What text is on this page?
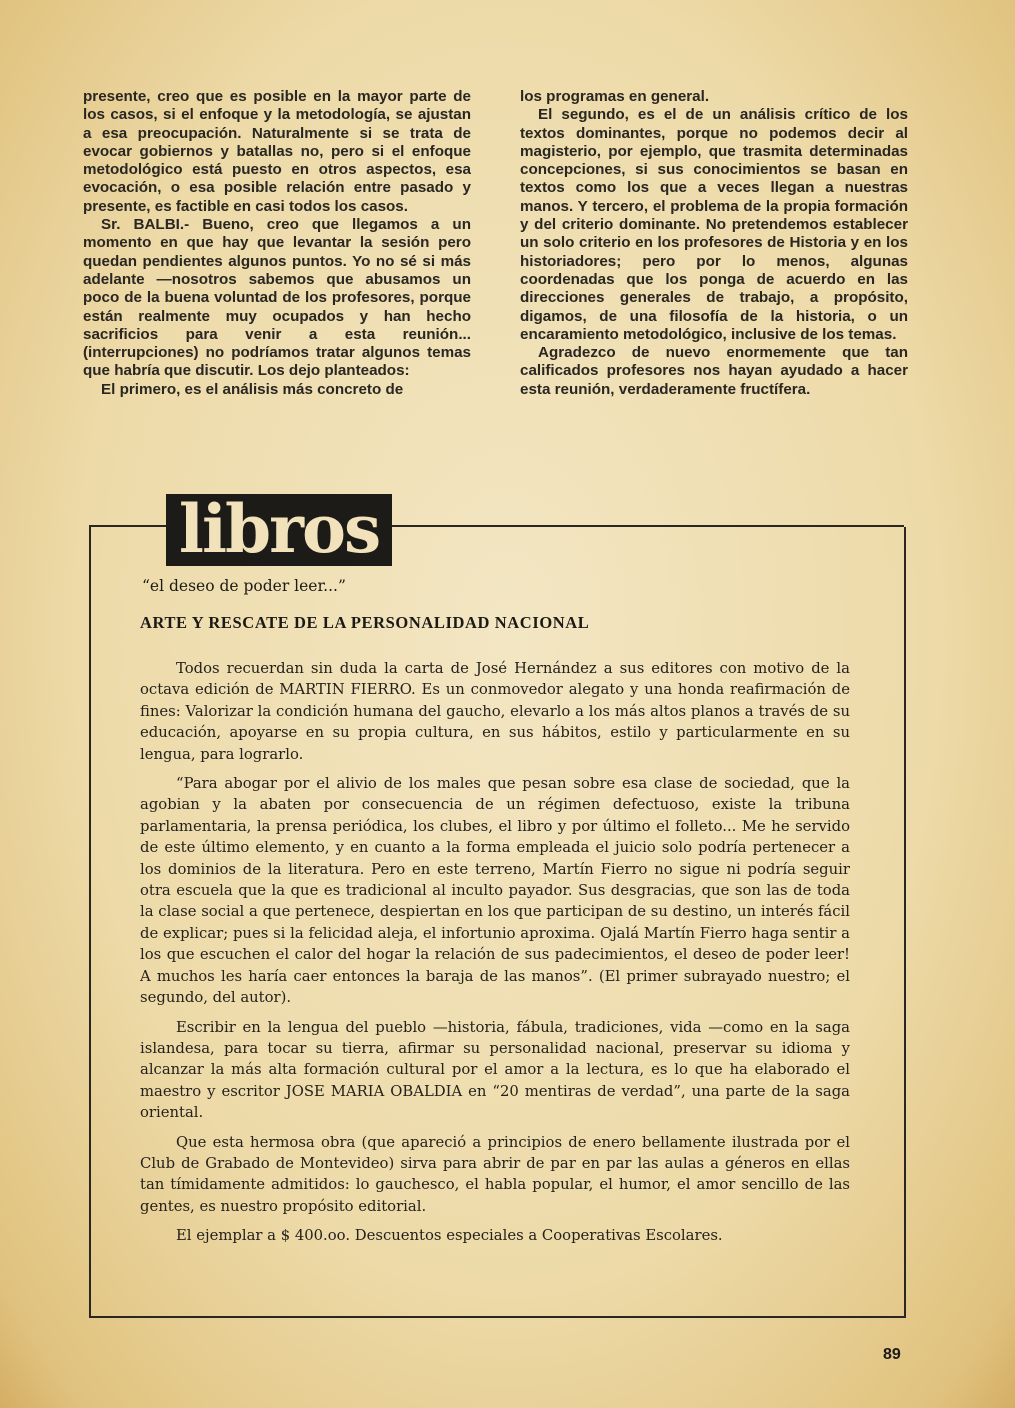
presente, creo que es posible en la mayor parte de los casos, si el enfoque y la metodología, se ajustan a esa preocupación. Naturalmente si se trata de evocar gobiernos y batallas no, pero si el enfoque metodológico está puesto en otros aspectos, esa evocación, o esa posible relación entre pasado y presente, es factible en casi todos los casos.

Sr. BALBI.- Bueno, creo que llegamos a un momento en que hay que levantar la sesión pero quedan pendientes algunos puntos. Yo no sé si más adelante —nosotros sabemos que abusamos un poco de la buena voluntad de los profesores, porque están realmente muy ocupados y han hecho sacrificios para venir a esta reunión... (interrupciones) no podríamos tratar algunos temas que habría que discutir. Los dejo planteados:

El primero, es el análisis más concreto de

los programas en general.

El segundo, es el de un análisis crítico de los textos dominantes, porque no podemos decir al magisterio, por ejemplo, que trasmita determinadas concepciones, si sus conocimientos se basan en textos como los que a veces llegan a nuestras manos. Y tercero, el problema de la propia formación y del criterio dominante. No pretendemos establecer un solo criterio en los profesores de Historia y en los historiadores; pero por lo menos, algunas coordenadas que los ponga de acuerdo en las direcciones generales de trabajo, a propósito, digamos, de una filosofía de la historia, o un encaramiento metodológico, inclusive de los temas.

Agradezco de nuevo enormemente que tan calificados profesores nos hayan ayudado a hacer esta reunión, verdaderamente fructífera.

libros
“el deseo de poder leer...”
ARTE Y RESCATE DE LA PERSONALIDAD NACIONAL

Todos recuerdan sin duda la carta de José Hernández a sus editores con motivo de la octava edición de MARTIN FIERRO. Es un conmovedor alegato y una honda reafirmación de fines: Valorizar la condición humana del gaucho, elevarlo a los más altos planos a través de su educación, apoyarse en su propia cultura, en sus hábitos, estilo y particularmente en su lengua, para lograrlo.

“Para abogar por el alivio de los males que pesan sobre esa clase de sociedad, que la agobian y la abaten por consecuencia de un régimen defectuoso, existe la tribuna parlamentaria, la prensa periódica, los clubes, el libro y por último el folleto... Me he servido de este último elemento, y en cuanto a la forma empleada el juicio solo podría pertenecer a los dominios de la literatura. Pero en este terreno, Martín Fierro no sigue ni podría seguir otra escuela que la que es tradicional al inculto payador. Sus desgracias, que son las de toda la clase social a que pertenece, despiertan en los que participan de su destino, un interés fácil de explicar; pues si la felicidad aleja, el infortunio aproxima. Ojalá Martín Fierro haga sentir a los que escuchen el calor del hogar la relación de sus padecimientos, el deseo de poder leer! A muchos les haría caer entonces la baraja de las manos”. (El primer subrayado nuestro; el segundo, del autor).

Escribir en la lengua del pueblo —historia, fábula, tradiciones, vida —como en la saga islandesa, para tocar su tierra, afirmar su personalidad nacional, preservar su idioma y alcanzar la más alta formación cultural por el amor a la lectura, es lo que ha elaborado el maestro y escritor JOSE MARIA OBALDIA en “20 mentiras de verdad”, una parte de la saga oriental.

Que esta hermosa obra (que apareció a principios de enero bellamente ilustrada por el Club de Grabado de Montevideo) sirva para abrir de par en par las aulas a géneros en ellas tan tímidamente admitidos: lo gauchesco, el habla popular, el humor, el amor sencillo de las gentes, es nuestro propósito editorial.

El ejemplar a $ 400.oo. Descuentos especiales a Cooperativas Escolares.

89
